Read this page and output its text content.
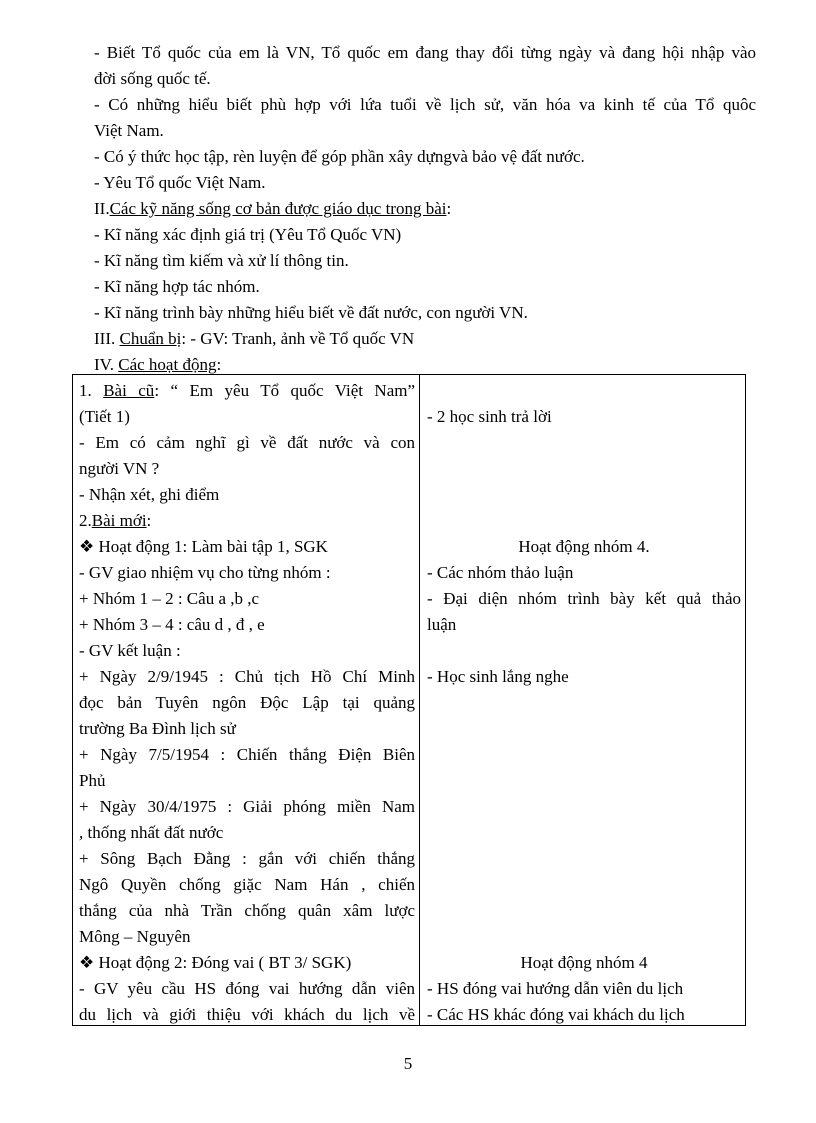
- Biết Tổ quốc của em là VN, Tổ quốc em đang thay đổi từng ngày và đang hội nhập vào

đời sống quốc tế.

- Có những hiểu biết phù hợp với lứa tuổi về lịch sử, văn hóa va kinh tế của Tổ quôc

Việt Nam.

- Có ý thức học tập, rèn luyện để góp phần xây dựngvà bảo vệ đất nước.

- Yêu Tổ quốc Việt Nam.

II.Các kỹ năng sống cơ bản được giáo dục trong bài:

- Kĩ năng xác định giá trị (Yêu Tổ Quốc VN)

- Kĩ năng tìm kiếm và xử lí thông tin.

- Kĩ năng hợp tác nhóm.

- Kĩ năng trình bày những hiểu biết về đất nước, con người VN.

III. Chuẩn bị: - GV: Tranh, ảnh về Tổ quốc VN

IV. Các hoạt động:

1. Bài cũ: “ Em yêu Tổ quốc Việt Nam”
(Tiết 1)
- Em có cảm nghĩ gì về đất nước và con
người VN ?
- Nhận xét, ghi điểm
2.Bài mới:
❖ Hoạt động 1: Làm bài tập 1, SGK
- GV giao nhiệm vụ cho từng nhóm :
+ Nhóm 1 – 2 : Câu a ,b ,c
+ Nhóm 3 – 4 : câu d , đ , e
- GV kết luận :
+ Ngày 2/9/1945 : Chủ tịch Hồ Chí Minh
đọc bản Tuyên ngôn Độc Lập tại quảng
trường Ba Đình lịch sử
+ Ngày 7/5/1954 : Chiến thắng Điện Biên
Phủ
+ Ngày 30/4/1975 : Giải phóng miền Nam
, thống nhất đất nước
+ Sông Bạch Đằng : gắn với chiến thắng
Ngô Quyền chống giặc Nam Hán , chiến
thắng của nhà Trần chống quân xâm lược
Mông – Nguyên
❖ Hoạt động 2: Đóng vai ( BT 3/ SGK)
- GV yêu cầu HS đóng vai hướng dẫn viên
du lịch và giới thiệu với khách du lịch về
- 2 học sinh trả lời
Hoạt động nhóm 4.
- Các nhóm thảo luận
- Đại diện nhóm trình bày kết quả thảo
luận
- Học sinh lắng nghe
Hoạt động nhóm 4
- HS đóng vai hướng dẫn viên du lịch
- Các HS khác đóng vai khách du lịch
5
